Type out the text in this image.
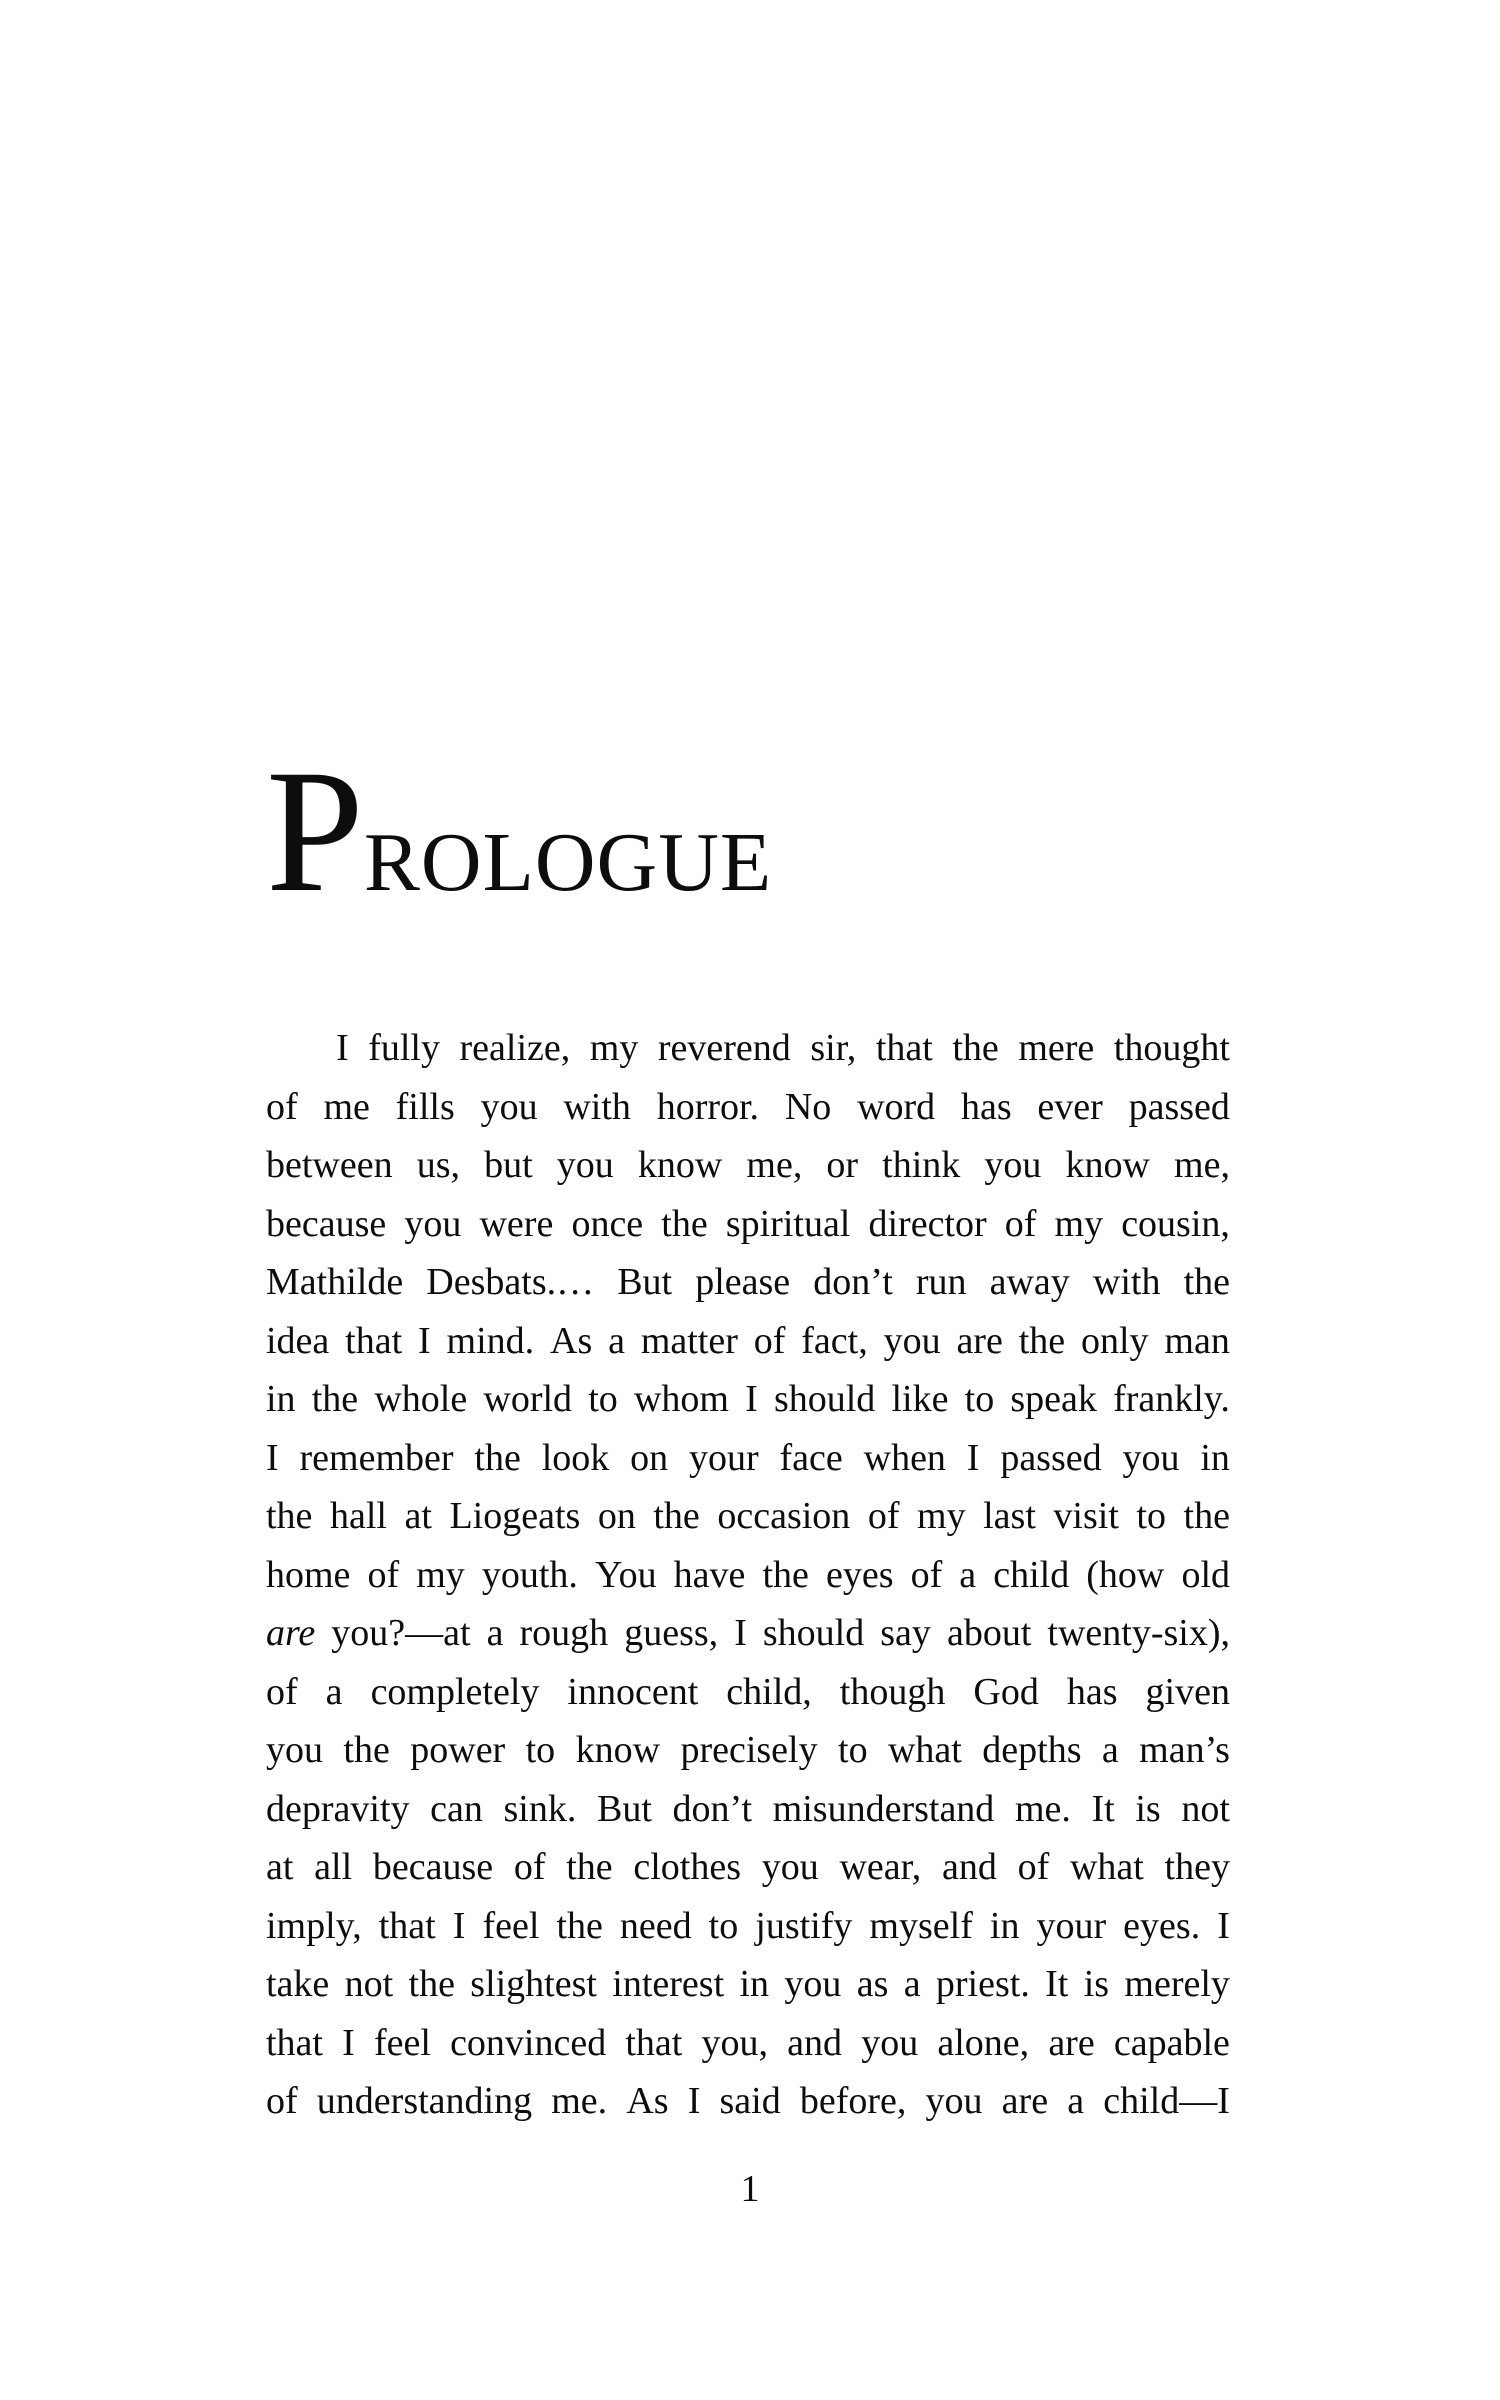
PROLOGUE
I fully realize, my reverend sir, that the mere thought
of me fills you with horror. No word has ever passed
between us, but you know me, or think you know me,
because you were once the spiritual director of my cousin,
Mathilde Desbats.… But please don’t run away with the
idea that I mind. As a matter of fact, you are the only man
in the whole world to whom I should like to speak frankly.
I remember the look on your face when I passed you in
the hall at Liogeats on the occasion of my last visit to the
home of my youth. You have the eyes of a child (how old
are you?—at a rough guess, I should say about twenty-six),
of a completely innocent child, though God has given
you the power to know precisely to what depths a man’s
depravity can sink. But don’t misunderstand me. It is not
at all because of the clothes you wear, and of what they
imply, that I feel the need to justify myself in your eyes. I
take not the slightest interest in you as a priest. It is merely
that I feel convinced that you, and you alone, are capable
of understanding me. As I said before, you are a child—I
1
